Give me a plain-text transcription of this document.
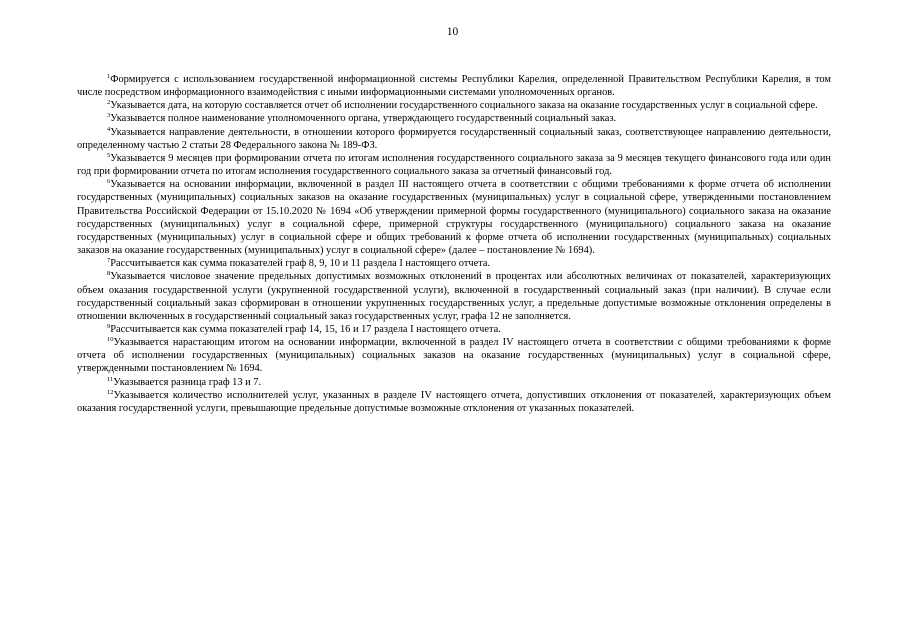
10

$^1$Формируется с использованием государственной информационной системы Республики Карелия, определенной Правительством Республики Карелия, в том числе посредством информационного взаимодействия с иными информационными системами уполномоченных органов.

$^2$Указывается дата, на которую составляется отчет об исполнении государственного социального заказа на оказание государственных услуг в социальной сфере.

$^3$Указывается полное наименование уполномоченного органа, утверждающего государственный социальный заказ.

$^4$Указывается направление деятельности, в отношении которого формируется государственный социальный заказ, соответствующее направлению деятельности, определенному частью 2 статьи 28 Федерального закона № 189-ФЗ.

$^5$Указывается 9 месяцев при формировании отчета по итогам исполнения государственного социального заказа за 9 месяцев текущего финансового года или один год при формировании отчета по итогам исполнения государственного социального заказа за отчетный финансовый год.

$^6$Указывается на основании информации, включенной в раздел III настоящего отчета в соответствии с общими требованиями к форме отчета об исполнении государственных (муниципальных) социальных заказов на оказание государственных (муниципальных) услуг в социальной сфере, утвержденными постановлением Правительства Российской Федерации от 15.10.2020 № 1694 «Об утверждении примерной формы государственного (муниципального) социального заказа на оказание государственных (муниципальных) услуг в социальной сфере, примерной структуры государственного (муниципального) социального заказа на оказание государственных (муниципальных) услуг в социальной сфере и общих требований к форме отчета об исполнении государственных (муниципальных) социальных заказов на оказание государственных (муниципальных) услуг в социальной сфере» (далее – постановление № 1694).

$^7$Рассчитывается как сумма показателей граф 8, 9, 10 и 11 раздела I настоящего отчета.

$^8$Указывается числовое значение предельных допустимых возможных отклонений в процентах или абсолютных величинах от показателей, характеризующих объем оказания государственной услуги (укрупненной государственной услуги), включенной в государственный социальный заказ (при наличии). В случае если государственный социальный заказ сформирован в отношении укрупненных государственных услуг, а предельные допустимые возможные отклонения определены в отношении включенных в государственный социальный заказ государственных услуг, графа 12 не заполняется.

$^9$Рассчитывается как сумма показателей граф 14, 15, 16 и 17 раздела I настоящего отчета.

$^{10}$Указывается нарастающим итогом на основании информации, включенной в раздел IV настоящего отчета в соответствии с общими требованиями к форме отчета об исполнении государственных (муниципальных) социальных заказов на оказание государственных (муниципальных) услуг в социальной сфере, утвержденными постановлением № 1694.

$^{11}$Указывается разница граф 13 и 7.

$^{12}$Указывается количество исполнителей услуг, указанных в разделе IV настоящего отчета, допустивших отклонения от показателей, характеризующих объем оказания государственной услуги, превышающие предельные допустимые возможные отклонения от указанных показателей.
